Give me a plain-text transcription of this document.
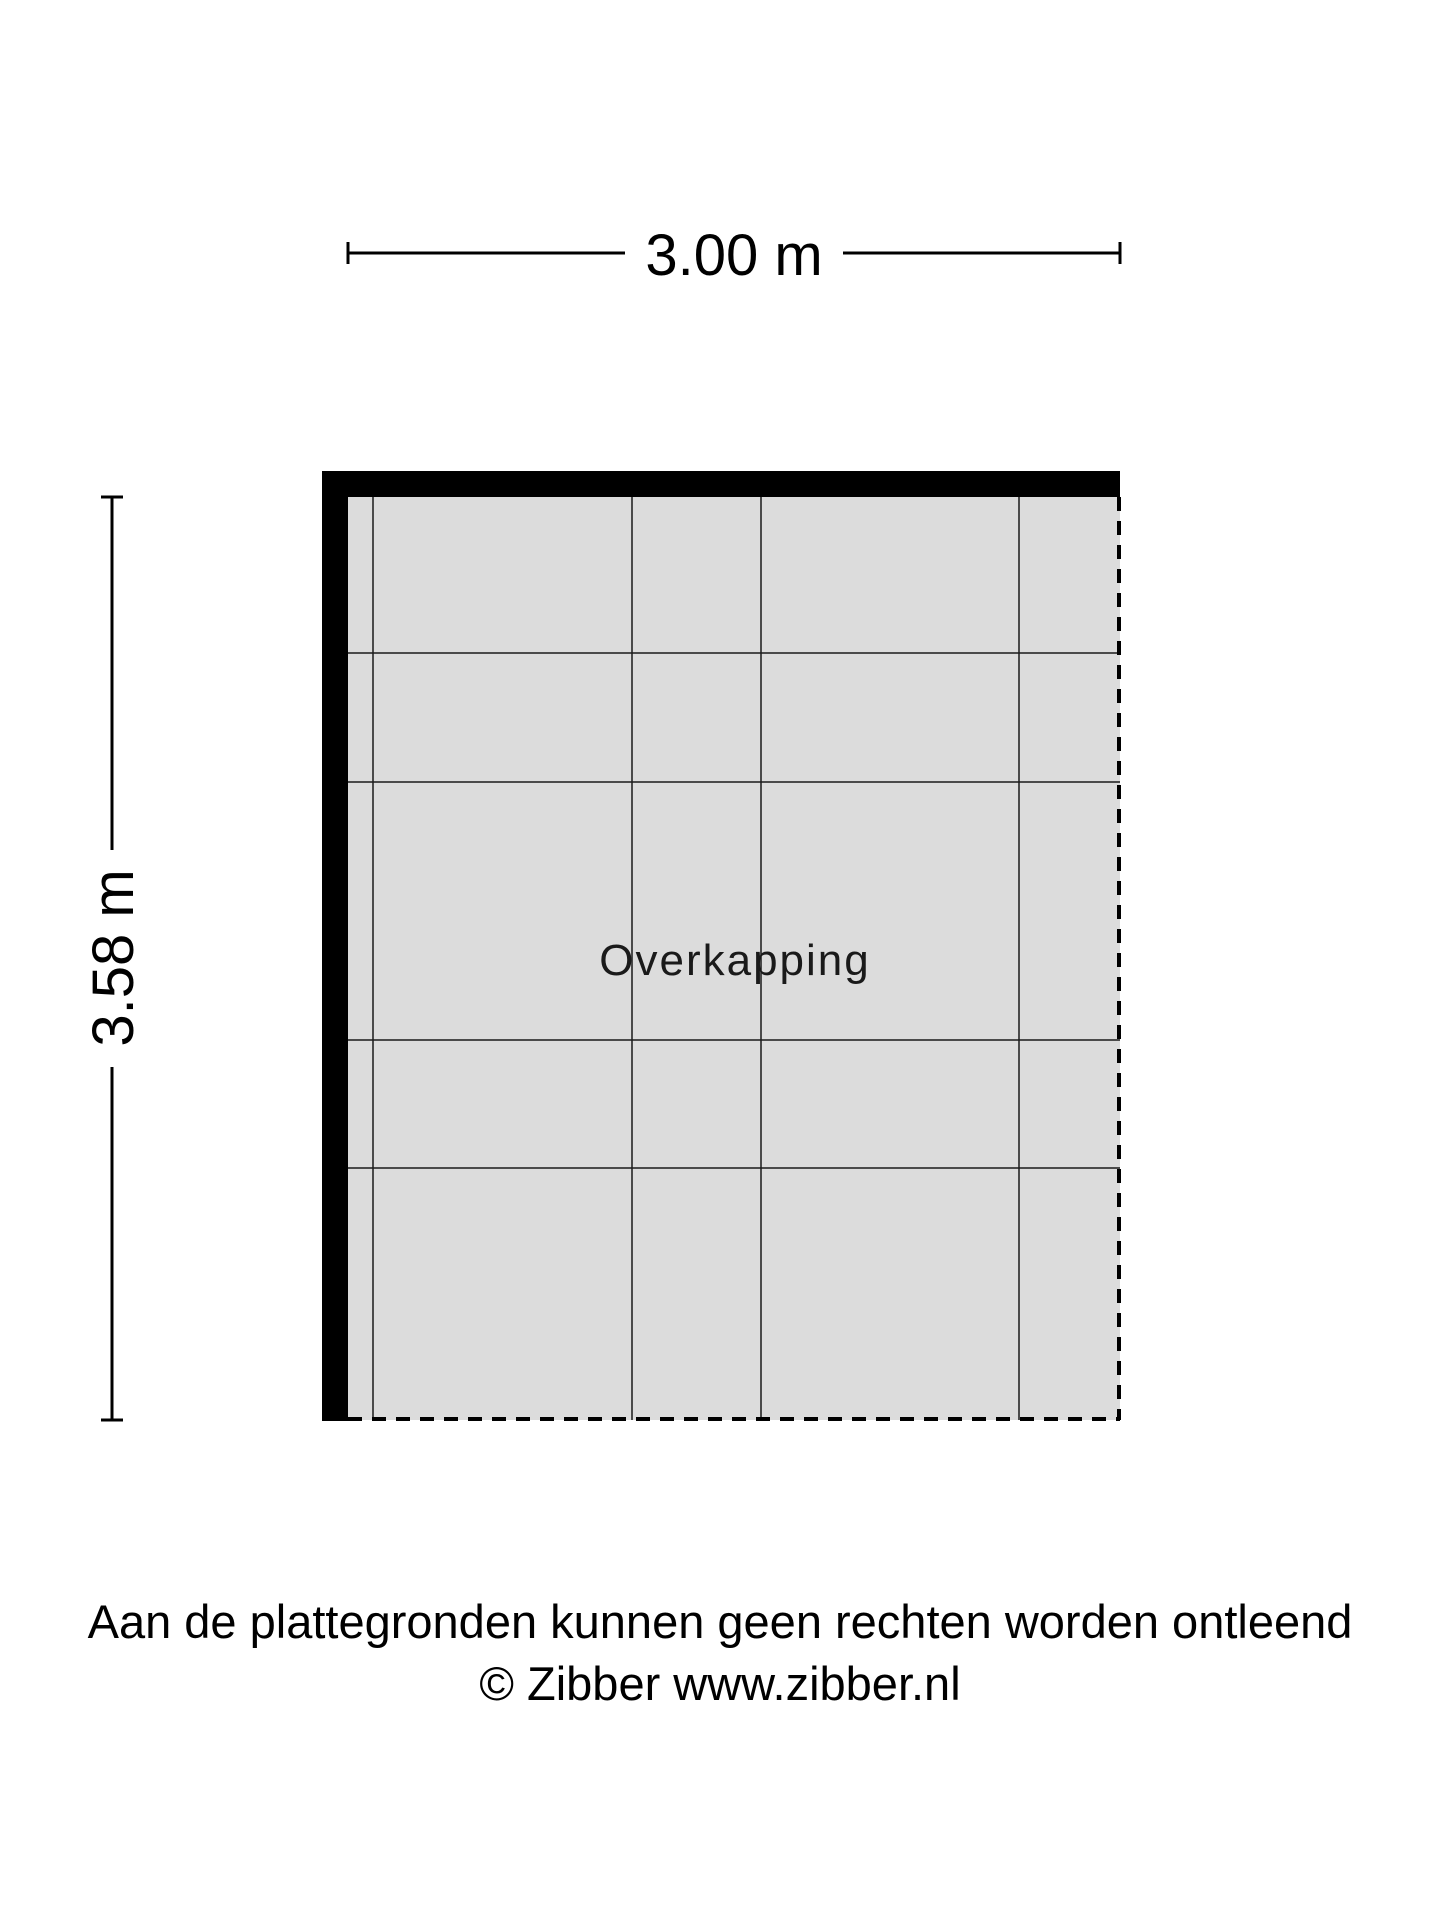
3.00 m
3.58 m	Overkapping
Aan de plattegronden kunnen geen rechten worden ontleend
© Zibber www.zibber.nl
